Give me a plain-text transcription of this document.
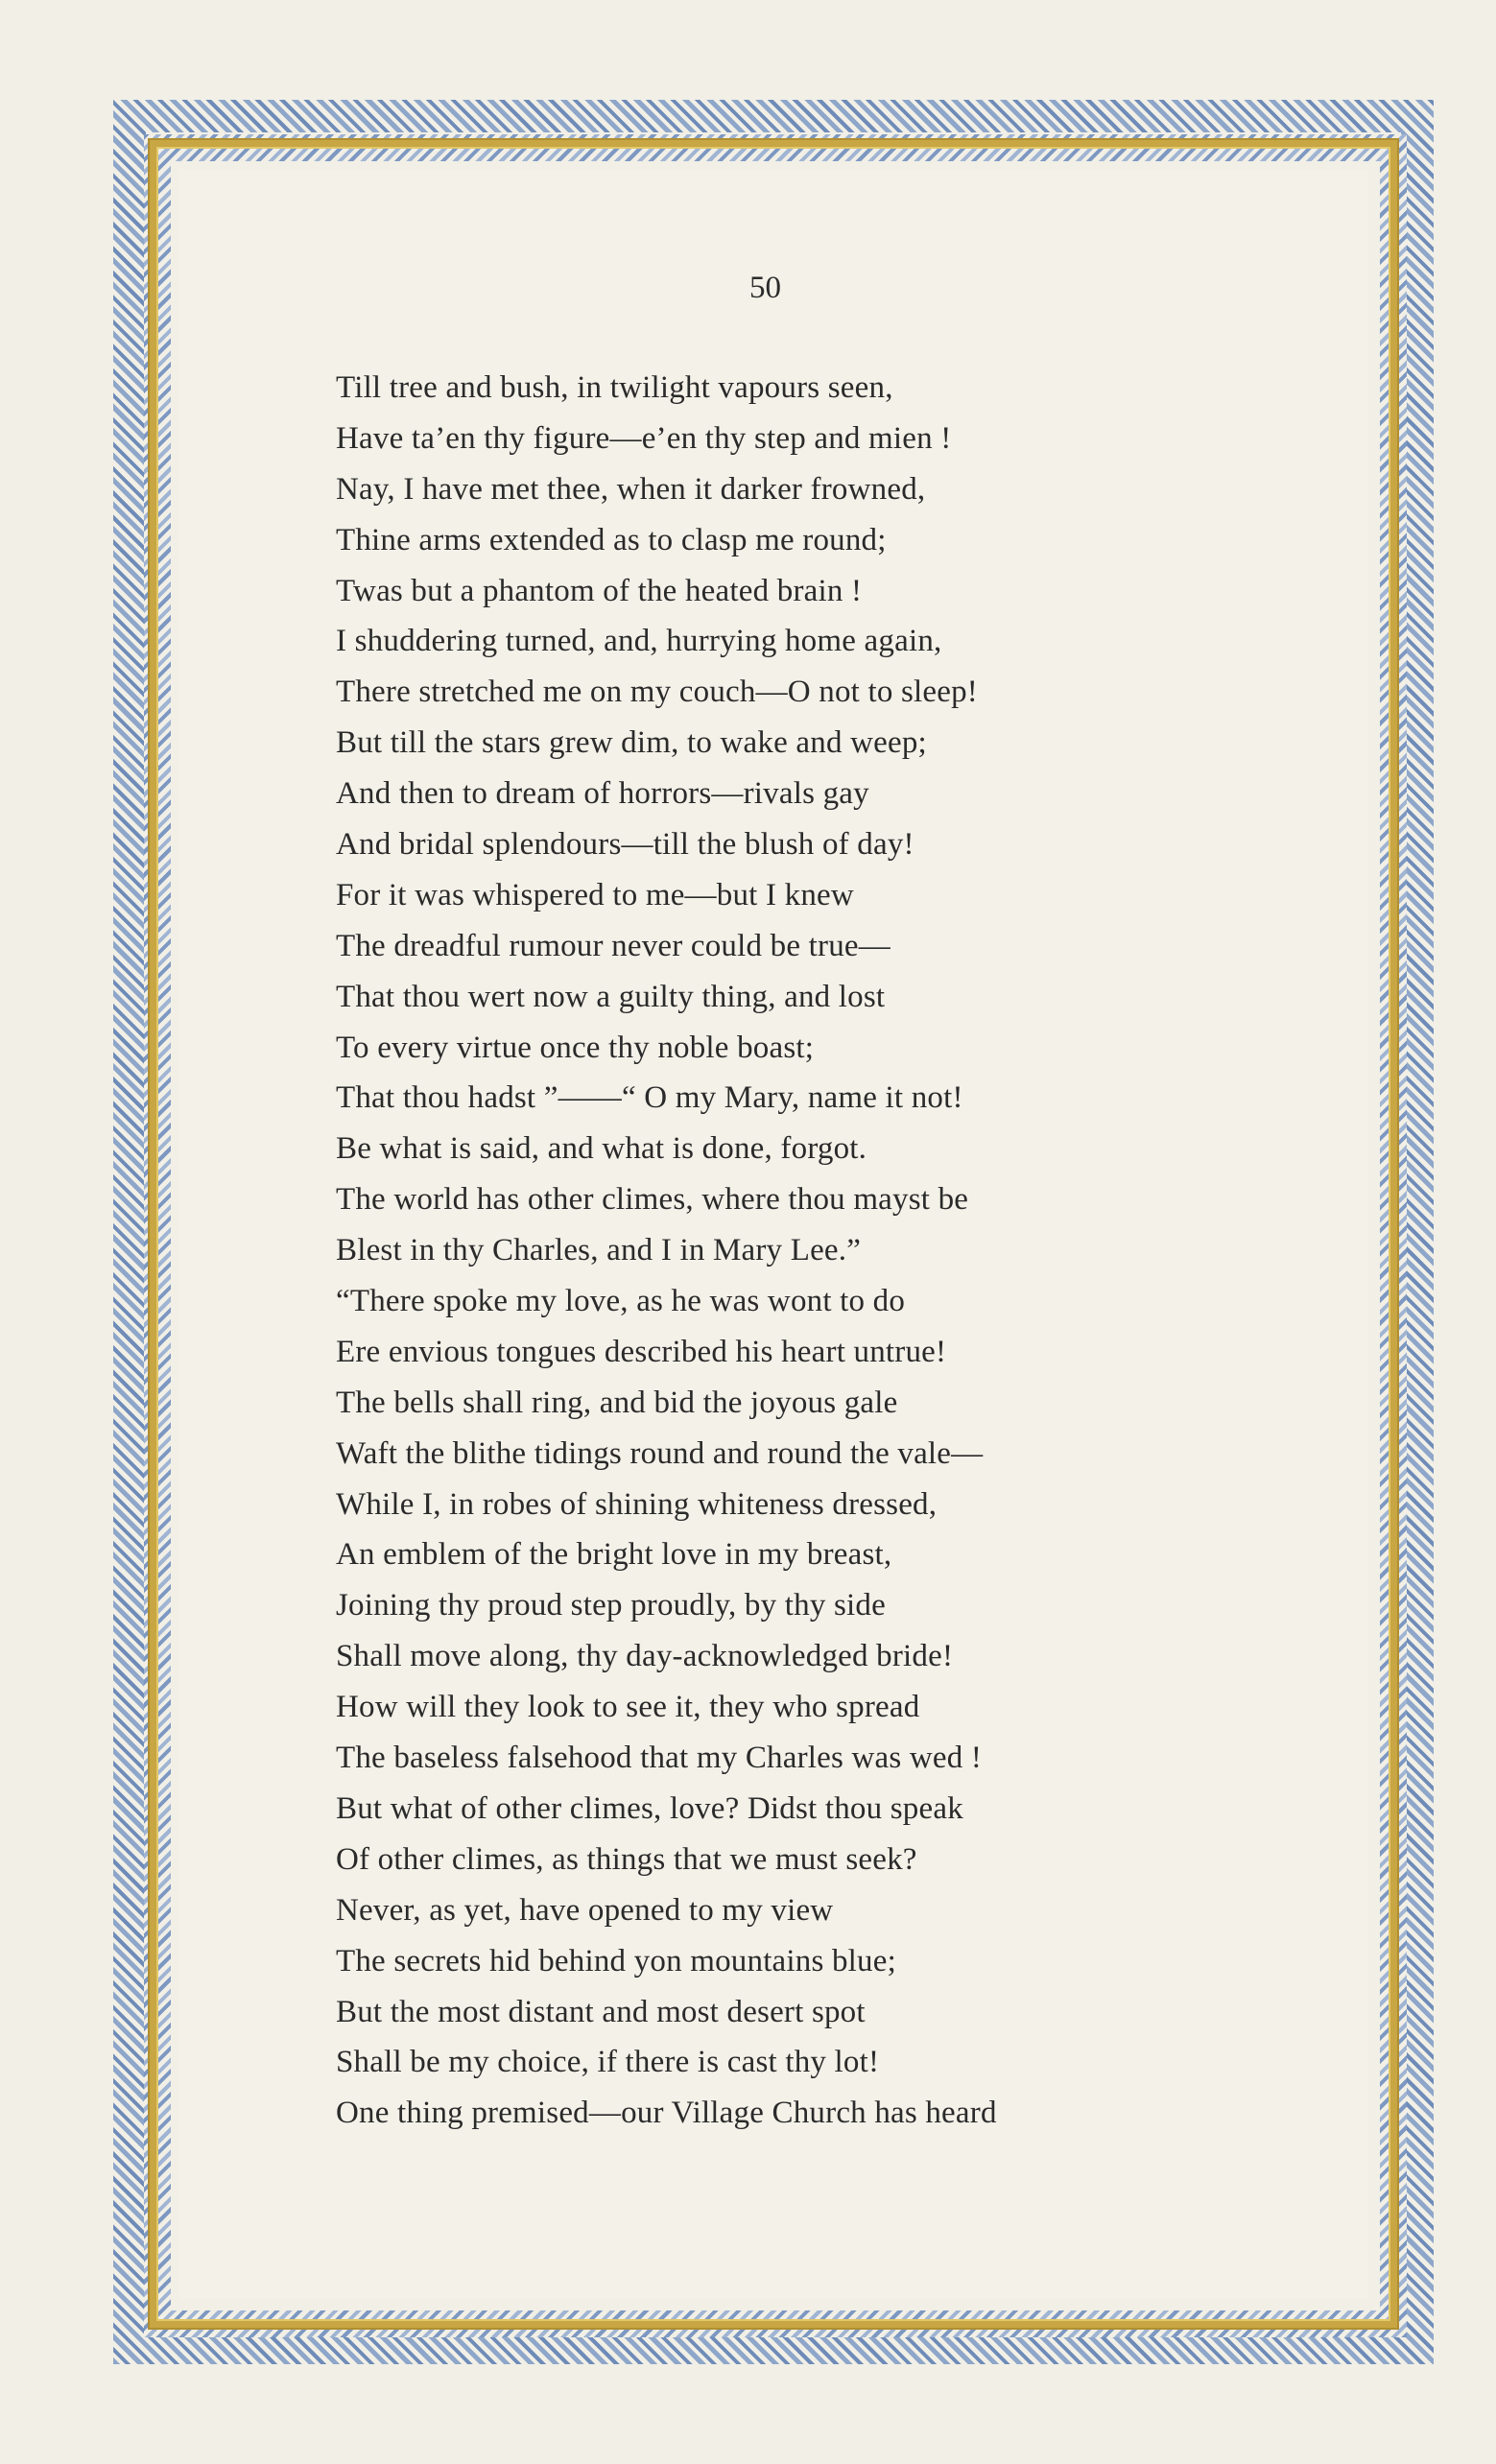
50
Till tree and bush, in twilight vapours seen,
Have ta’en thy figure—e’en thy step and mien !
Nay, I have met thee, when it darker frowned,
Thine arms extended as to clasp me round;
Twas but a phantom of the heated brain !
I shuddering turned, and, hurrying home again,
There stretched me on my couch—O not to sleep!
But till the stars grew dim, to wake and weep;
And then to dream of horrors—rivals gay
And bridal splendours—till the blush of day!
For it was whispered to me—but I knew
The dreadful rumour never could be true—
That thou wert now a guilty thing, and lost
To every virtue once thy noble boast;
That thou hadst ”——“ O my Mary, name it not!
Be what is said, and what is done, forgot.
The world has other climes, where thou mayst be
Blest in thy Charles, and I in Mary Lee.”
“There spoke my love, as he was wont to do
Ere envious tongues described his heart untrue!
The bells shall ring, and bid the joyous gale
Waft the blithe tidings round and round the vale—
While I, in robes of shining whiteness dressed,
An emblem of the bright love in my breast,
Joining thy proud step proudly, by thy side
Shall move along, thy day-acknowledged bride!
How will they look to see it, they who spread
The baseless falsehood that my Charles was wed !
But what of other climes, love? Didst thou speak
Of other climes, as things that we must seek?
Never, as yet, have opened to my view
The secrets hid behind yon mountains blue;
But the most distant and most desert spot
Shall be my choice, if there is cast thy lot!
One thing premised—our Village Church has heard
